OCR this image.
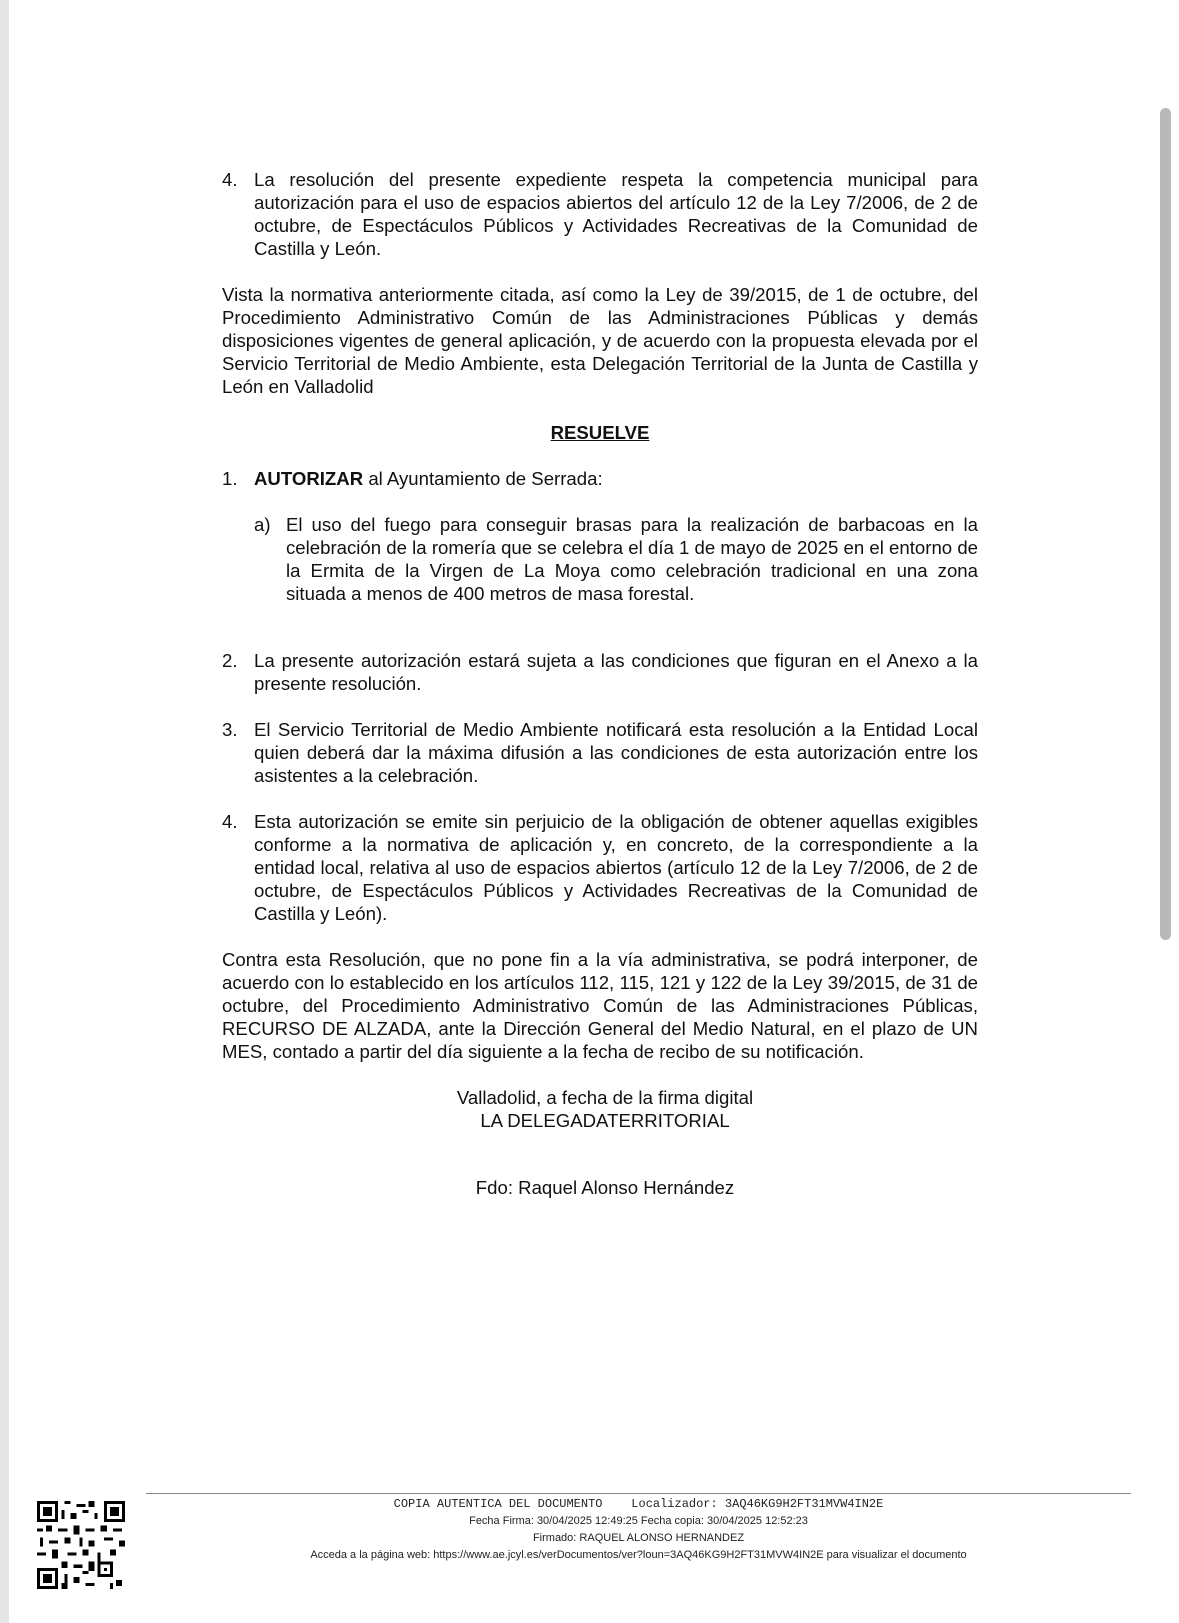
4. La resolución del presente expediente respeta la competencia municipal para autorización para el uso de espacios abiertos del artículo 12 de la Ley 7/2006, de 2 de octubre, de Espectáculos Públicos y Actividades Recreativas de la Comunidad de Castilla y León.

Vista la normativa anteriormente citada, así como la Ley de 39/2015, de 1 de octubre, del Procedimiento Administrativo Común de las Administraciones Públicas y demás disposiciones vigentes de general aplicación, y de acuerdo con la propuesta elevada por el Servicio Territorial de Medio Ambiente, esta Delegación Territorial de la Junta de Castilla y León en Valladolid

RESUELVE
1. AUTORIZAR al Ayuntamiento de Serrada:
a) El uso del fuego para conseguir brasas para la realización de barbacoas en la celebración de la romería que se celebra el día 1 de mayo de 2025 en el entorno de la Ermita de la Virgen de La Moya como celebración tradicional en una zona situada a menos de 400 metros de masa forestal.
2. La presente autorización estará sujeta a las condiciones que figuran en el Anexo a la presente resolución.
3. El Servicio Territorial de Medio Ambiente notificará esta resolución a la Entidad Local quien deberá dar la máxima difusión a las condiciones de esta autorización entre los asistentes a la celebración.
4. Esta autorización se emite sin perjuicio de la obligación de obtener aquellas exigibles conforme a la normativa de aplicación y, en concreto, de la correspondiente a la entidad local, relativa al uso de espacios abiertos (artículo 12 de la Ley 7/2006, de 2 de octubre, de Espectáculos Públicos y Actividades Recreativas de la Comunidad de Castilla y León).

Contra esta Resolución, que no pone fin a la vía administrativa, se podrá interponer, de acuerdo con lo establecido en los artículos 112, 115, 121 y 122 de la Ley 39/2015, de 31 de octubre, del Procedimiento Administrativo Común de las Administraciones Públicas, RECURSO DE ALZADA, ante la Dirección General del Medio Natural, en el plazo de UN MES, contado a partir del día siguiente a la fecha de recibo de su notificación.

Valladolid, a fecha de la firma digital
LA DELEGADATERRITORIAL
Fdo: Raquel Alonso Hernández
COPIA AUTENTICA DEL DOCUMENTO    Localizador: 3AQ46KG9H2FT31MVW4IN2E
Fecha Firma: 30/04/2025 12:49:25 Fecha copia: 30/04/2025 12:52:23
Firmado: RAQUEL ALONSO HERNANDEZ
Acceda a la página web: https://www.ae.jcyl.es/verDocumentos/ver?loun=3AQ46KG9H2FT31MVW4IN2E para visualizar el documento
